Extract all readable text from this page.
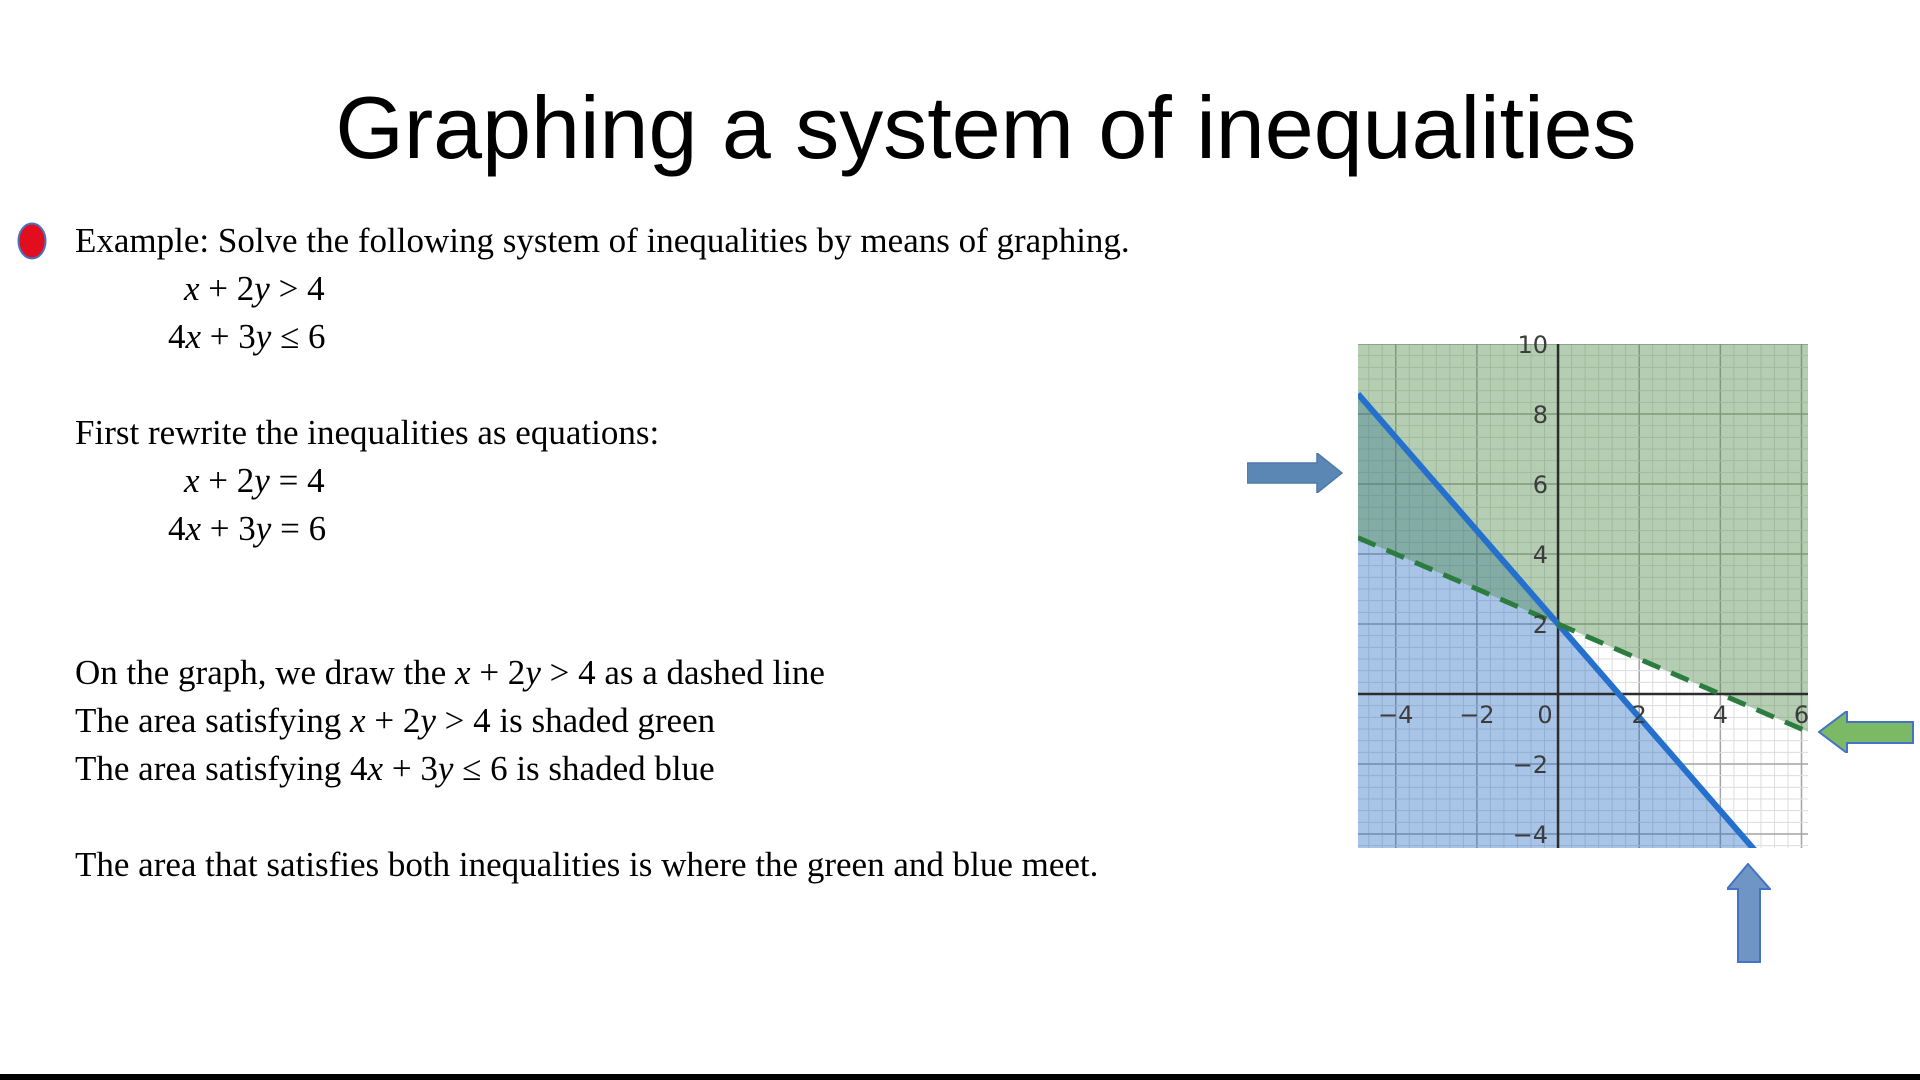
Graphing a system of inequalities
Example: Solve the following system of inequalities by means of graphing.
x + 2y > 4
4x + 3y ≤ 6
First rewrite the inequalities as equations:
x + 2y = 4
4x + 3y = 6
On the graph, we draw the x + 2y > 4 as a dashed line
The area satisfying x + 2y > 4 is shaded green
The area satisfying 4x + 3y ≤ 6 is shaded blue
The area that satisfies both inequalities is where the green and blue meet.
−4 −2 0	2	4	6
10
8
6
4
2
−2
−4
